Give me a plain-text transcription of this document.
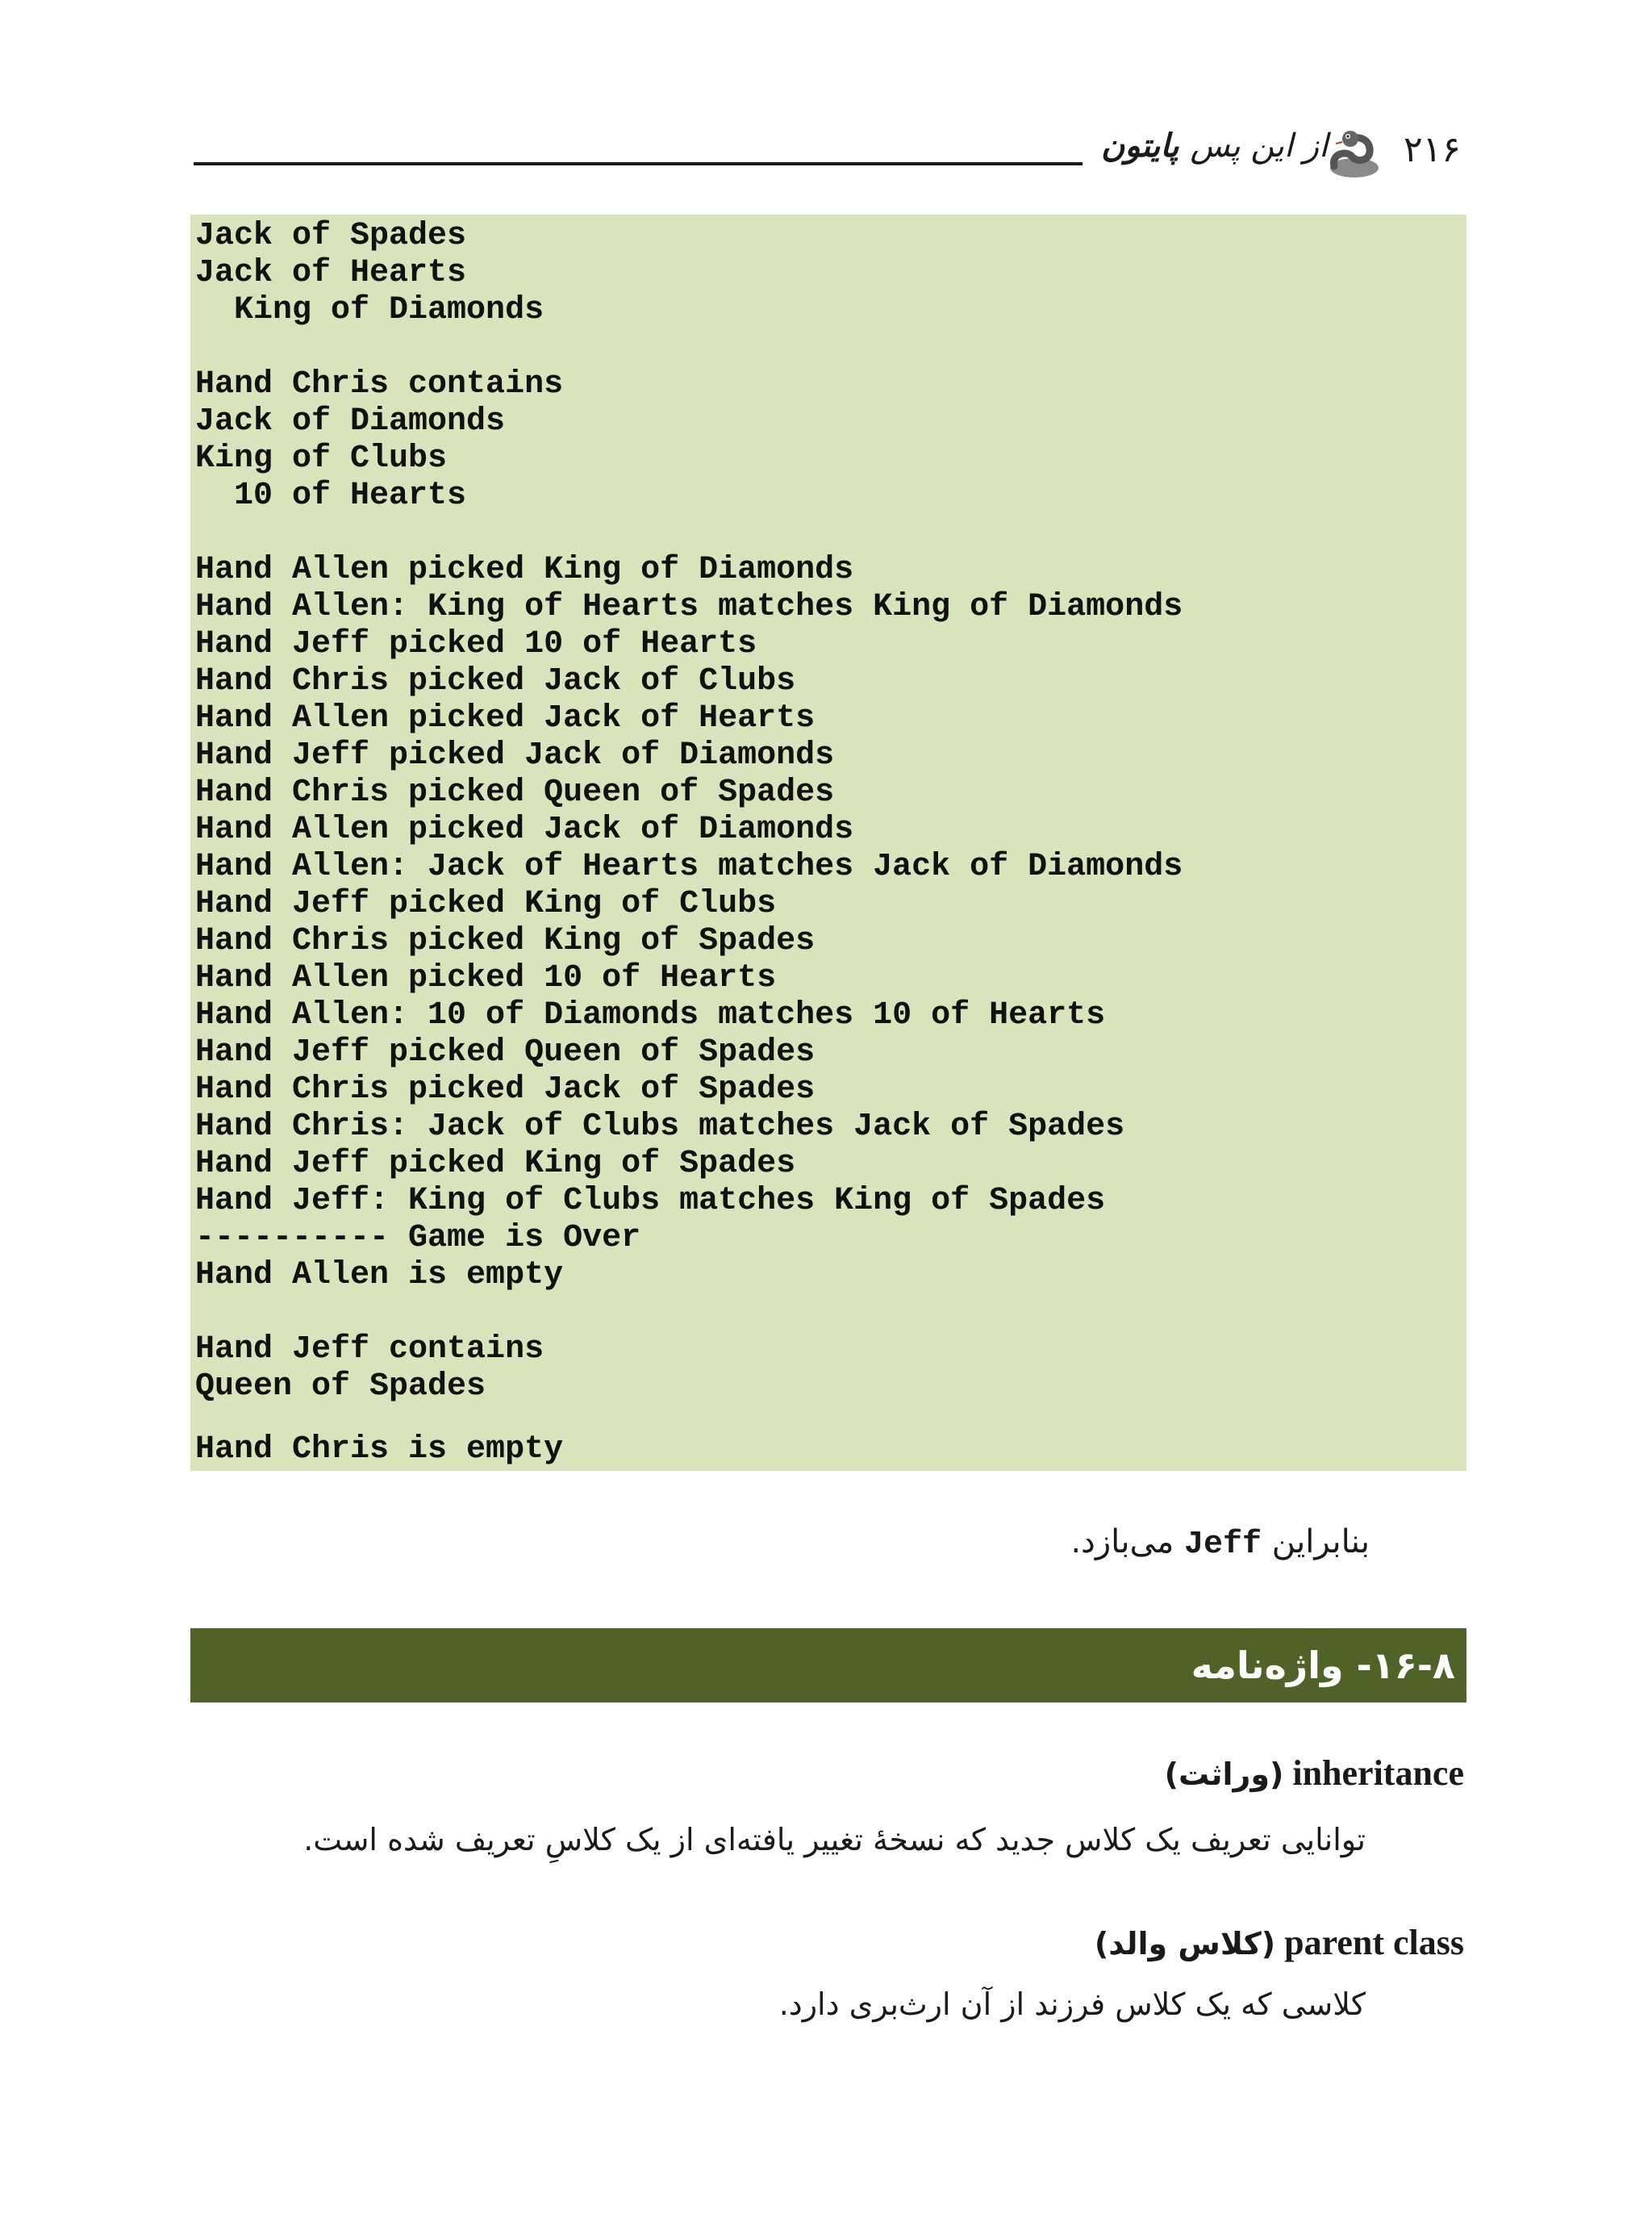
از این پس پایتون	۲۱۶
Jack of Spades
Jack of Hearts
King of Diamonds
Hand Chris contains
Jack of Diamonds
King of Clubs
10 of Hearts
Hand Allen picked King of Diamonds
Hand Allen: King of Hearts matches King of Diamonds
Hand Jeff picked 10 of Hearts
Hand Chris picked Jack of Clubs
Hand Allen picked Jack of Hearts
Hand Jeff picked Jack of Diamonds
Hand Chris picked Queen of Spades
Hand Allen picked Jack of Diamonds
Hand Allen: Jack of Hearts matches Jack of Diamonds
Hand Jeff picked King of Clubs
Hand Chris picked King of Spades
Hand Allen picked 10 of Hearts
Hand Allen: 10 of Diamonds matches 10 of Hearts
Hand Jeff picked Queen of Spades
Hand Chris picked Jack of Spades
Hand Chris: Jack of Clubs matches Jack of Spades
Hand Jeff picked King of Spades
Hand Jeff: King of Clubs matches King of Spades
---------- Game is Over
Hand Allen is empty
Hand Jeff contains
Queen of Spades
Hand Chris is empty
بنابراین Jeff می‌بازد.
۱۶-۸- واژه‌نامه
inheritance (وراثت)
توانایی تعریف یک کلاس جدید که نسخهٔ تغییر یافته‌ای از یک کلاسِ تعریف شده است.
parent class (کلاس والد)
کلاسی که یک کلاس فرزند از آن ارث‌بری دارد.
